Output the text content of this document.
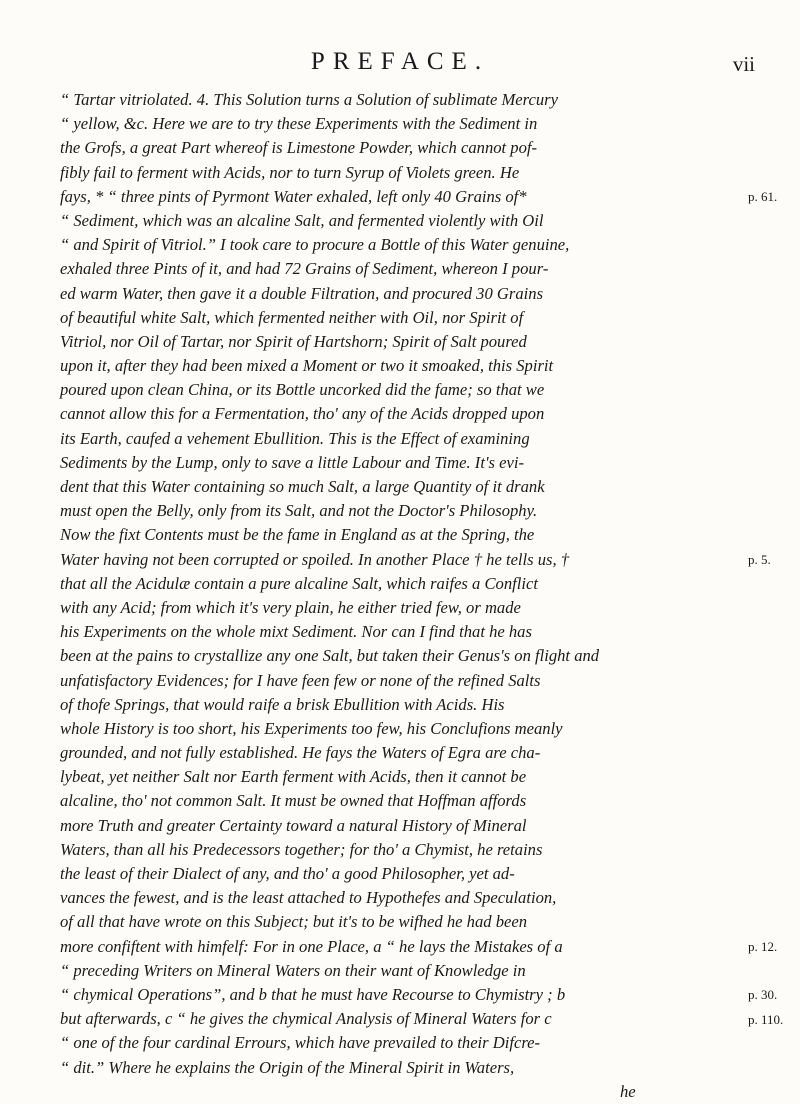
PREFACE.	vii
“ Tartar vitriolated. 4. This Solution turns a Solution of sublimate Mercury
“ yellow, &c. Here we are to try these Experiments with the Sediment in
the Grofs, a great Part whereof is Limestone Powder, which cannot pof-
fibly fail to ferment with Acids, nor to turn Syrup of Violets green. He
fays, * “ three pints of Pyrmont Water exhaled, left only 40 Grains of*
“ Sediment, which was an alcaline Salt, and fermented violently with Oil
“ and Spirit of Vitriol.” I took care to procure a Bottle of this Water genuine,
exhaled three Pints of it, and had 72 Grains of Sediment, whereon I pour-
ed warm Water, then gave it a double Filtration, and procured 30 Grains
of beautiful white Salt, which fermented neither with Oil, nor Spirit of
Vitriol, nor Oil of Tartar, nor Spirit of Hartshorn; Spirit of Salt poured
upon it, after they had been mixed a Moment or two it smoaked, this Spirit
poured upon clean China, or its Bottle uncorked did the fame; so that we
cannot allow this for a Fermentation, tho' any of the Acids dropped upon
its Earth, caufed a vehement Ebullition. This is the Effect of examining
Sediments by the Lump, only to save a little Labour and Time. It's evi-
dent that this Water containing so much Salt, a large Quantity of it drank
must open the Belly, only from its Salt, and not the Doctor's Philosophy.
Now the fixt Contents must be the fame in England as at the Spring, the
Water having not been corrupted or spoiled. In another Place † he tells us, †
that all the Acidulæ contain a pure alcaline Salt, which raifes a Conflict
with any Acid; from which it's very plain, he either tried few, or made
his Experiments on the whole mixt Sediment. Nor can I find that he has
been at the pains to crystallize any one Salt, but taken their Genus's on flight and
unfatisfactory Evidences; for I have feen few or none of the refined Salts
of thofe Springs, that would raife a brisk Ebullition with Acids. His
whole History is too short, his Experiments too few, his Conclufions meanly
grounded, and not fully established. He fays the Waters of Egra are cha-
lybeat, yet neither Salt nor Earth ferment with Acids, then it cannot be
alcaline, tho' not common Salt. It must be owned that Hoffman affords
more Truth and greater Certainty toward a natural History of Mineral
Waters, than all his Predecessors together; for tho' a Chymist, he retains
the least of their Dialect of any, and tho' a good Philosopher, yet ad-
vances the fewest, and is the least attached to Hypothefes and Speculation,
of all that have wrote on this Subject; but it's to be wifhed he had been
more confiftent with himfelf: For in one Place, a “ he lays the Mistakes of a
“ preceding Writers on Mineral Waters on their want of Knowledge in
“ chymical Operations”, and b that he must have Recourse to Chymistry ; b
but afterwards, c “ he gives the chymical Analysis of Mineral Waters for c
“ one of the four cardinal Errours, which have prevailed to their Difcre-
“ dit.” Where he explains the Origin of the Mineral Spirit in Waters,
he
p. 61.
p. 5.
p. 12.
p. 30.
p. 110.
